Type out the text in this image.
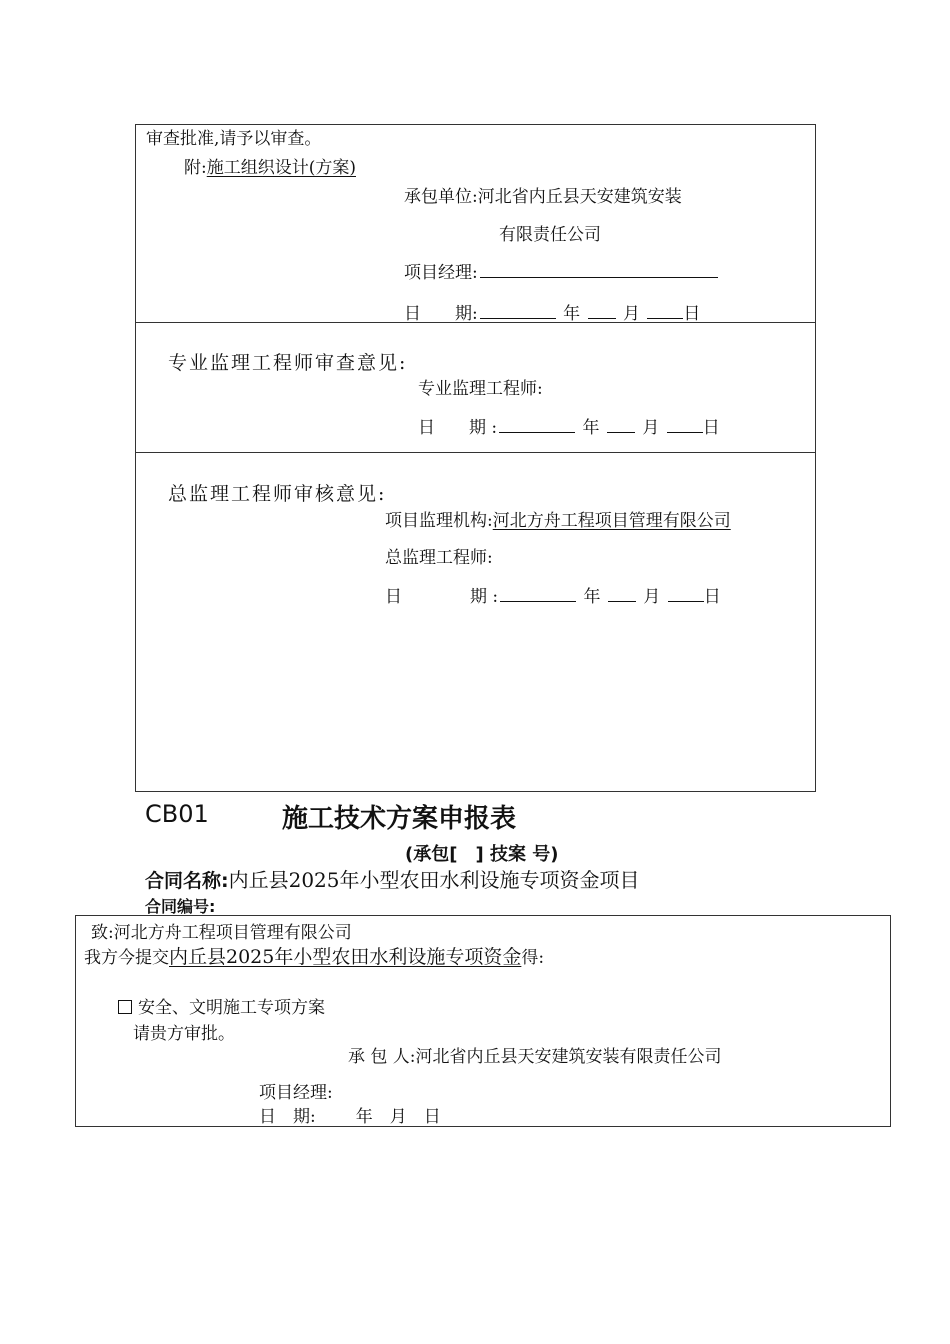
审查批准,请予以审查。
附:施工组织设计(方案)
承包单位:河北省内丘县天安建筑安装
有限责任公司
项目经理:
日　　期:	年	月	日
专业监理工程师审查意见:
专业监理工程师:
日　　期 :	年	月	日
总监理工程师审核意见:
项目监理机构:河北方舟工程项目管理有限公司
总监理工程师:
日　　　　期 :	年	月	日
CB01	施工技术方案申报表
(承包[　] 技案 号)
合同名称:内丘县2025年小型农田水利设施专项资金项目
合同编号:
致:河北方舟工程项目管理有限公司
我方今提交内丘县2025年小型农田水利设施专项资金得:
安全、文明施工专项方案
请贵方审批。
承 包 人:河北省内丘县天安建筑安装有限责任公司
项目经理:
日　期: 年　月　日
